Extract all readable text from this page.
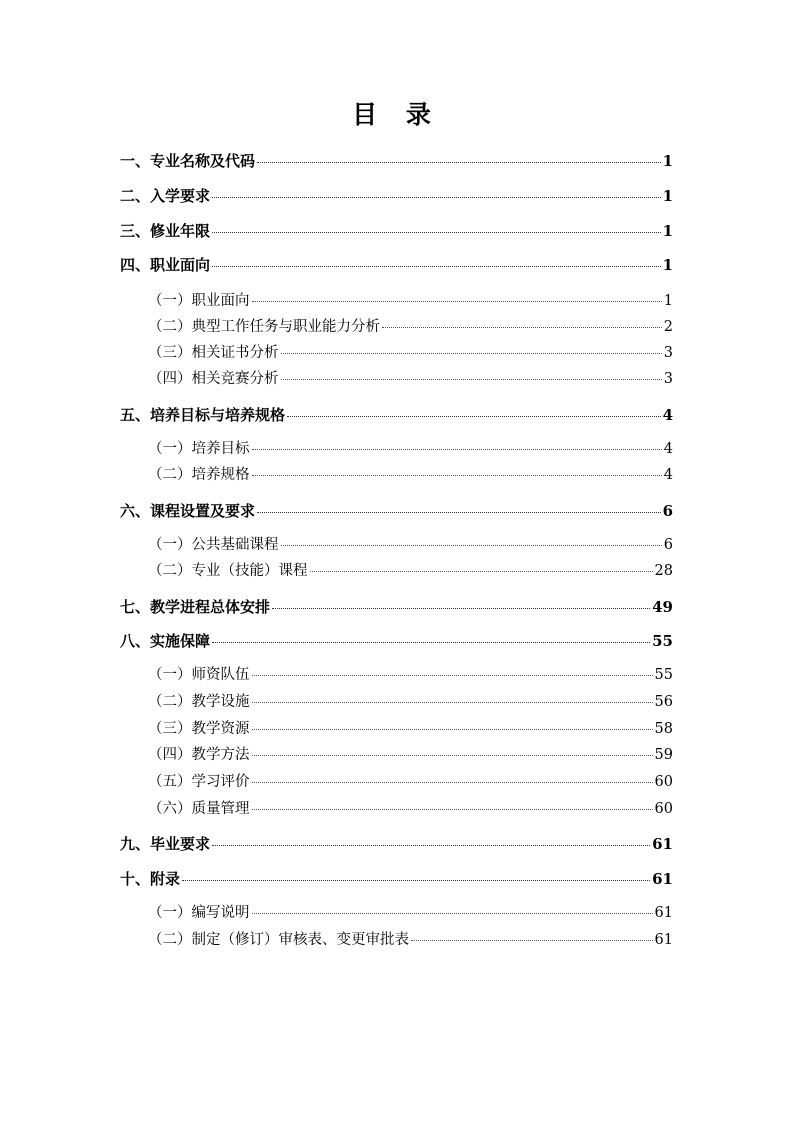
目 录
一、专业名称及代码	1
二、入学要求	1
三、修业年限	1
四、职业面向	1
（一）职业面向	1
（二）典型工作任务与职业能力分析	2
（三）相关证书分析	3
（四）相关竞赛分析	3
五、培养目标与培养规格	4
（一）培养目标	4
（二）培养规格	4
六、课程设置及要求	6
（一）公共基础课程	6
（二）专业（技能）课程	28
七、教学进程总体安排	49
八、实施保障	55
（一）师资队伍	55
（二）教学设施	56
（三）教学资源	58
（四）教学方法	59
（五）学习评价	60
（六）质量管理	60
九、毕业要求	61
十、附录	61
（一）编写说明	61
（二）制定（修订）审核表、变更审批表	61
